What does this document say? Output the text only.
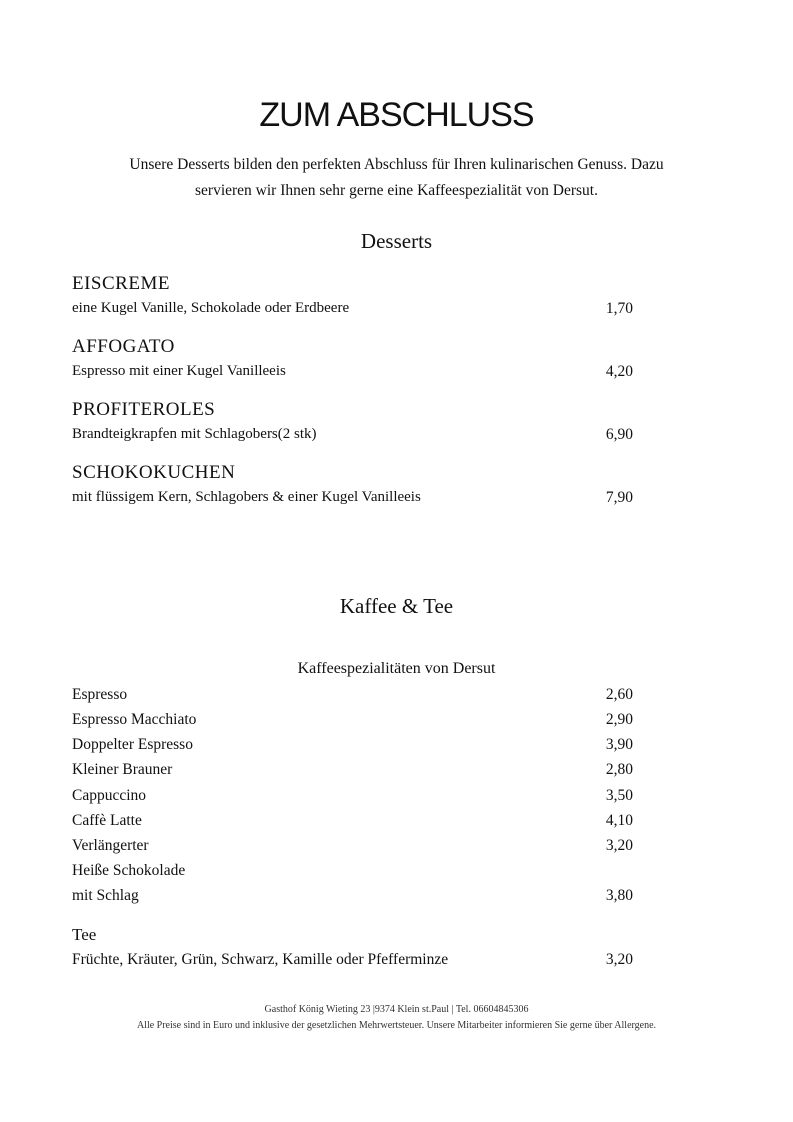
ZUM ABSCHLUSS
Unsere Desserts bilden den perfekten Abschluss für Ihren kulinarischen Genuss. Dazu
servieren wir Ihnen sehr gerne eine Kaffeespezialität von Dersut.
Desserts
EISCREME
eine Kugel Vanille, Schokolade oder Erdbeere	1,70
AFFOGATO
Espresso mit einer Kugel Vanilleeis	4,20
PROFITEROLES
Brandteigkrapfen mit Schlagobers(2 stk)	6,90
SCHOKOKUCHEN
mit flüssigem Kern, Schlagobers & einer Kugel Vanilleeis	7,90
Kaffee & Tee
Kaffeespezialitäten von Dersut
Espresso	2,60
Espresso Macchiato	2,90
Doppelter Espresso	3,90
Kleiner Brauner	2,80
Cappuccino	3,50
Caffè Latte	4,10
Verlängerter	3,20
Heiße Schokolade
mit Schlag	3,80
Tee
Früchte, Kräuter, Grün, Schwarz, Kamille oder Pfefferminze	3,20
Gasthof König Wieting 23 |9374 Klein st.Paul | Tel. 06604845306
Alle Preise sind in Euro und inklusive der gesetzlichen Mehrwertsteuer. Unsere Mitarbeiter informieren Sie gerne über Allergene.
